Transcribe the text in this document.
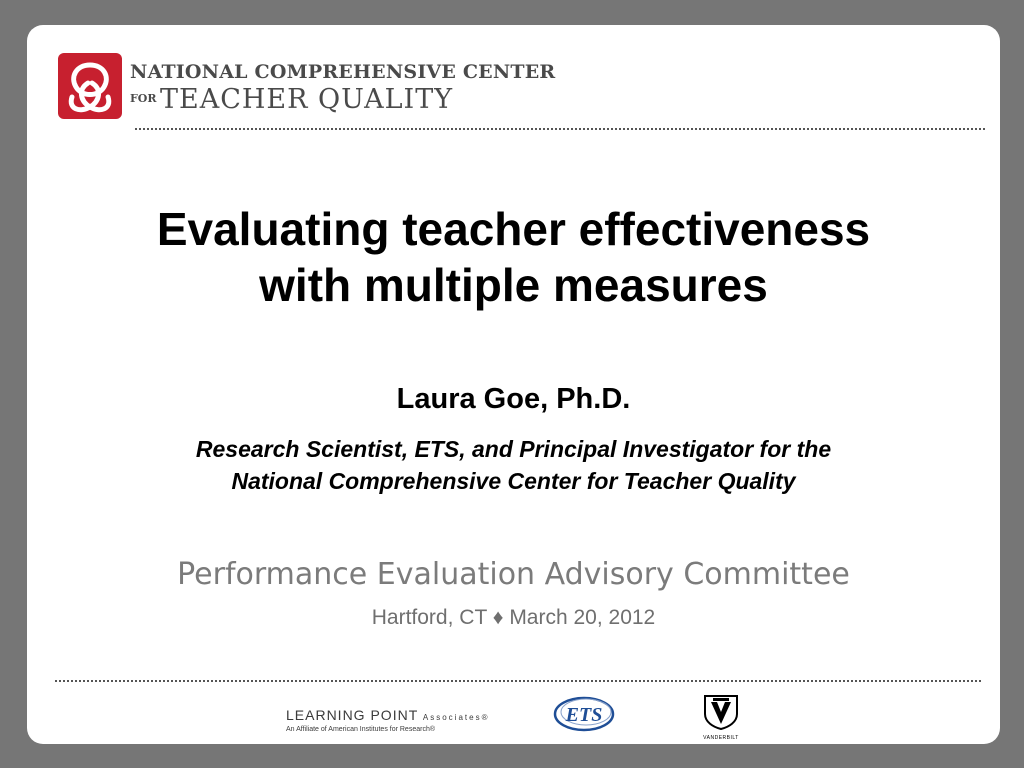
NATIONAL COMPREHENSIVE CENTER
FOR TEACHER QUALITY
Evaluating teacher effectiveness
with multiple measures
Laura Goe, Ph.D.
Research Scientist, ETS, and Principal Investigator for the
National Comprehensive Center for Teacher Quality
Performance Evaluation Advisory Committee
Hartford, CT ♦ March 20, 2012
LEARNING POINT Associates®
An Affiliate of American Institutes for Research®
ETS
VANDERBILT
